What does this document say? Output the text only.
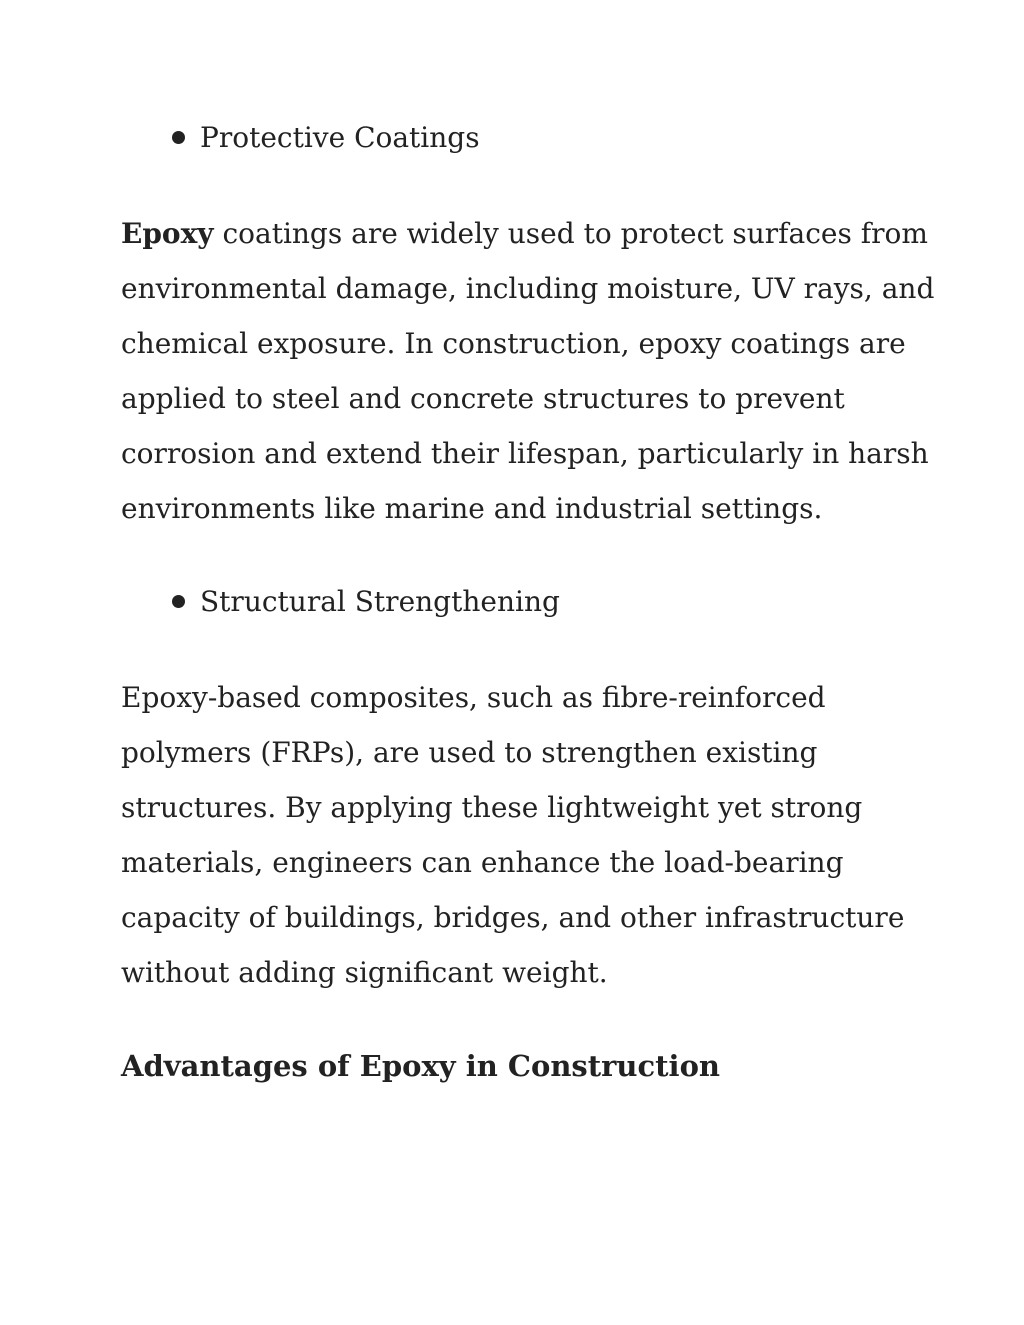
Protective Coatings
Epoxy coatings are widely used to protect surfaces from
environmental damage, including moisture, UV rays, and
chemical exposure. In construction, epoxy coatings are
applied to steel and concrete structures to prevent
corrosion and extend their lifespan, particularly in harsh
environments like marine and industrial settings.
Structural Strengthening
Epoxy-based composites, such as fibre-reinforced
polymers (FRPs), are used to strengthen existing
structures. By applying these lightweight yet strong
materials, engineers can enhance the load-bearing
capacity of buildings, bridges, and other infrastructure
without adding significant weight.
Advantages of Epoxy in Construction
